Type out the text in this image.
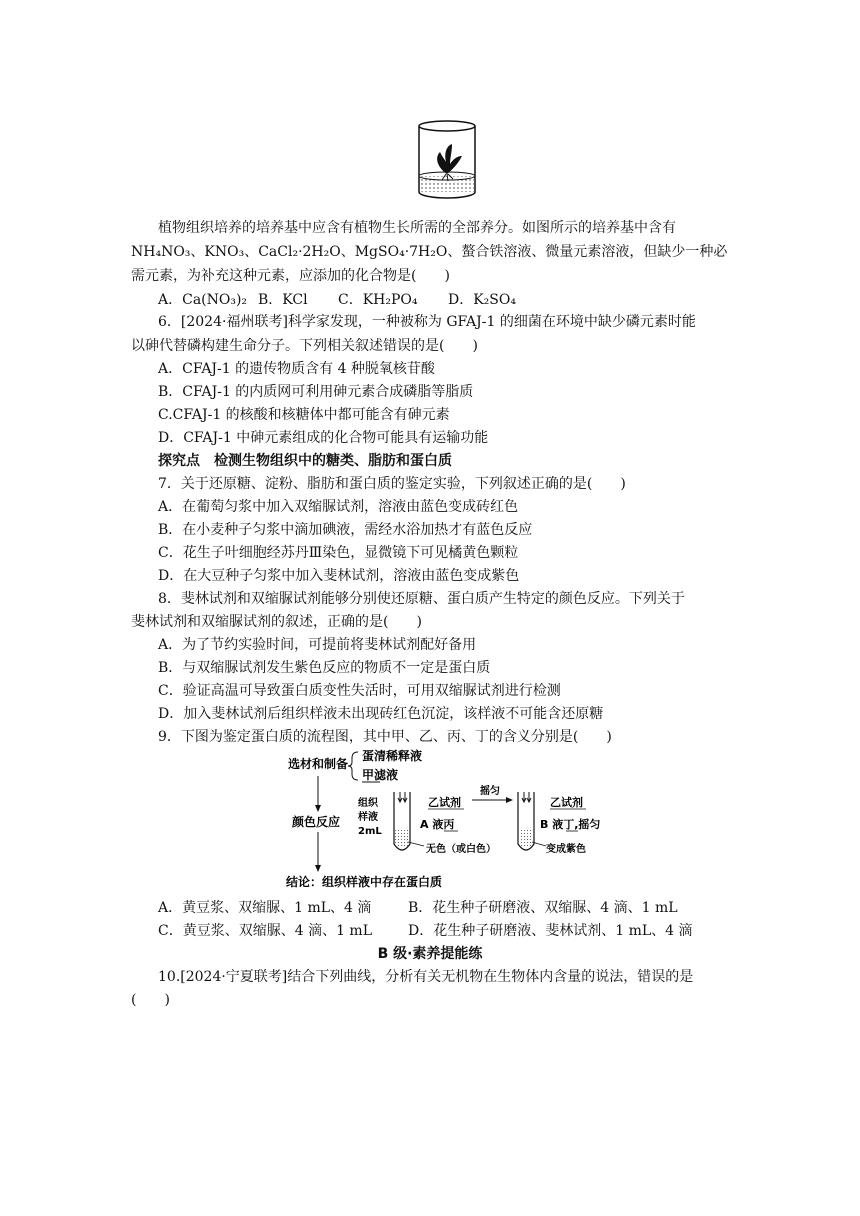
植物组织培养的培养基中应含有植物生长所需的全部养分。如图所示的培养基中含有
NH₄NO₃、KNO₃、CaCl₂·2H₂O、MgSO₄·7H₂O、螯合铁溶液、微量元素溶液，但缺少一种必
需元素，为补充这种元素，应添加的化合物是(　　)
A．Ca(NO₃)₂ B．KCl C．KH₂PO₄ D．K₂SO₄
6．[2024·福州联考]科学家发现，一种被称为 GFAJ-1 的细菌在环境中缺少磷元素时能
以砷代替磷构建生命分子。下列相关叙述错误的是(　　)
A．CFAJ-1 的遗传物质含有 4 种脱氧核苷酸
B．CFAJ-1 的内质网可利用砷元素合成磷脂等脂质
C.CFAJ-1 的核酸和核糖体中都可能含有砷元素
D．CFAJ-1 中砷元素组成的化合物可能具有运输功能
探究点　检测生物组织中的糖类、脂肪和蛋白质
7．关于还原糖、淀粉、脂肪和蛋白质的鉴定实验，下列叙述正确的是(　　)
A．在葡萄匀浆中加入双缩脲试剂，溶液由蓝色变成砖红色
B．在小麦种子匀浆中滴加碘液，需经水浴加热才有蓝色反应
C．花生子叶细胞经苏丹Ⅲ染色，显微镜下可见橘黄色颗粒
D．在大豆种子匀浆中加入斐林试剂，溶液由蓝色变成紫色
8．斐林试剂和双缩脲试剂能够分别使还原糖、蛋白质产生特定的颜色反应。下列关于
斐林试剂和双缩脲试剂的叙述，正确的是(　　)
A．为了节约实验时间，可提前将斐林试剂配好备用
B．与双缩脲试剂发生紫色反应的物质不一定是蛋白质
C．验证高温可导致蛋白质变性失活时，可用双缩脲试剂进行检测
D．加入斐林试剂后组织样液未出现砖红色沉淀，该样液不可能含还原糖
9．下图为鉴定蛋白质的流程图，其中甲、乙、丙、丁的含义分别是(　　)
选材和制备
蛋清稀释液
甲滤液
颜色反应
组织
样液
2mL
乙试剂
A 液丙
无色（或白色）
摇匀
乙试剂
B 液丁,摇匀
变成紫色
结论：组织样液中存在蛋白质
A．黄豆浆、双缩脲、1 mL、4 滴	B．花生种子研磨液、双缩脲、4 滴、1 mL
C．黄豆浆、双缩脲、4 滴、1 mL	D．花生种子研磨液、斐林试剂、1 mL、4 滴
B 级·素养提能练
10.[2024·宁夏联考]结合下列曲线，分析有关无机物在生物体内含量的说法，错误的是
(　　)
